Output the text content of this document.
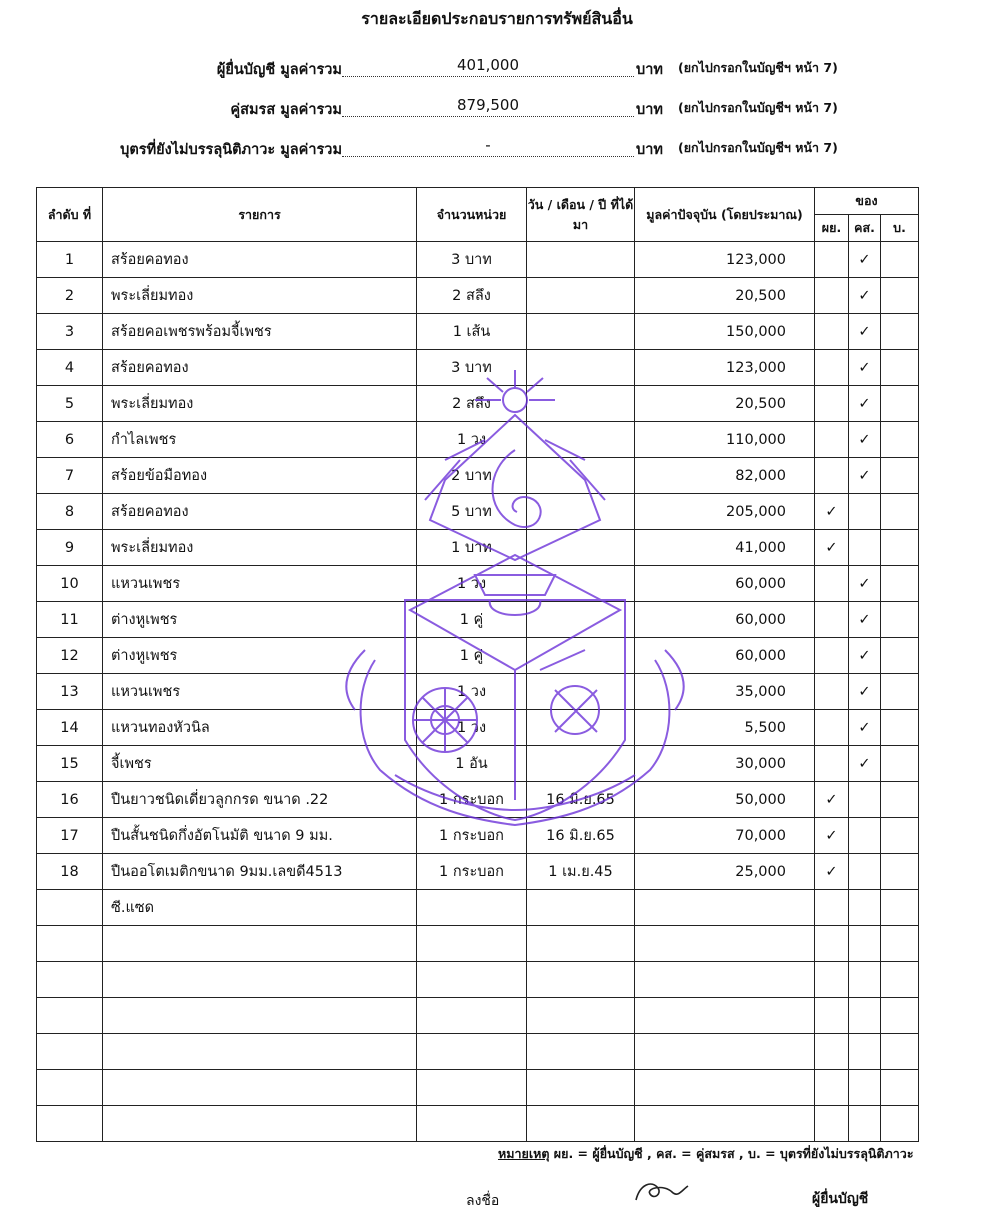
รายละเอียดประกอบรายการทรัพย์สินอื่น
ผู้ยื่นบัญชี มูลค่ารวม	401,000	บาท (ยกไปกรอกในบัญชีฯ หน้า 7)
คู่สมรส มูลค่ารวม	879,500	บาท (ยกไปกรอกในบัญชีฯ หน้า 7)
บุตรที่ยังไม่บรรลุนิติภาวะ มูลค่ารวม	-	บาท (ยกไปกรอกในบัญชีฯ หน้า 7)
ลำดับ ที่	รายการ	จำนวนหน่วย	วัน / เดือน / ปี ที่ได้มา	มูลค่าปัจจุบัน (โดยประมาณ)	ของ		
					ผย.	คส.	บ.
1	สร้อยคอทอง	3 บาท		123,000		✓	
2	พระเลี่ยมทอง	2 สลึง		20,500		✓	
3	สร้อยคอเพชรพร้อมจี้เพชร	1 เส้น		150,000		✓	
4	สร้อยคอทอง	3 บาท		123,000		✓	
5	พระเลี่ยมทอง	2 สลึง		20,500		✓	
6	กำไลเพชร	1 วง		110,000		✓	
7	สร้อยข้อมือทอง	2 บาท		82,000		✓	
8	สร้อยคอทอง	5 บาท		205,000	✓		
9	พระเลี่ยมทอง	1 บาท		41,000	✓		
10	แหวนเพชร	1 วง		60,000		✓	
11	ต่างหูเพชร	1 คู่		60,000		✓	
12	ต่างหูเพชร	1 คู่		60,000		✓	
13	แหวนเพชร	1 วง		35,000		✓	
14	แหวนทองหัวนิล	1 วง		5,500		✓	
15	จี้เพชร	1 อัน		30,000		✓	
16	ปืนยาวชนิดเดี่ยวลูกกรด ขนาด .22	1 กระบอก	16 มิ.ย.65	50,000	✓		
17	ปืนสั้นชนิดกึ่งอัตโนมัติ ขนาด 9 มม.	1 กระบอก	16 มิ.ย.65	70,000	✓		
18	ปืนออโตเมติกขนาด 9มม.เลขดี4513	1 กระบอก	1 เม.ย.45	25,000	✓		
	ซี.แซด						

หมายเหตุ ผย. = ผู้ยื่นบัญชี , คส. = คู่สมรส , บ. = บุตรที่ยังไม่บรรลุนิติภาวะ
ลงชื่อ	ผู้ยื่นบัญชี
